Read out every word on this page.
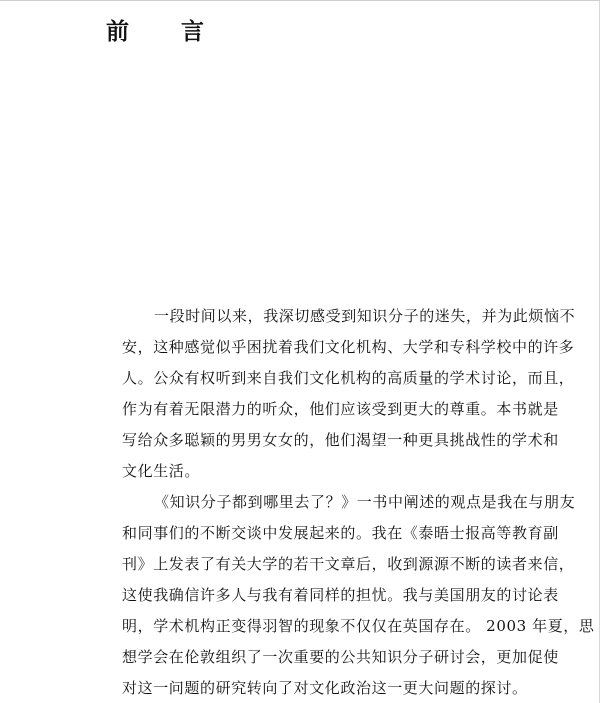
前 言
一段时间以来，我深切感受到知识分子的迷失，并为此烦恼不
安，这种感觉似乎困扰着我们文化机构、大学和专科学校中的许多
人。公众有权听到来自我们文化机构的高质量的学术讨论，而且，
作为有着无限潜力的听众，他们应该受到更大的尊重。本书就是
写给众多聪颖的男男女女的，他们渴望一种更具挑战性的学术和
文化生活。
《知识分子都到哪里去了？》一书中阐述的观点是我在与朋友
和同事们的不断交谈中发展起来的。我在《泰晤士报高等教育副
刊》上发表了有关大学的若干文章后，收到源源不断的读者来信，
这使我确信许多人与我有着同样的担忧。我与美国朋友的讨论表
明，学术机构正变得羽智的现象不仅仅在英国存在。 2003 年夏，思
想学会在伦敦组织了一次重要的公共知识分子研讨会，更加促使
对这一问题的研究转向了对文化政治这一更大问题的探讨。
